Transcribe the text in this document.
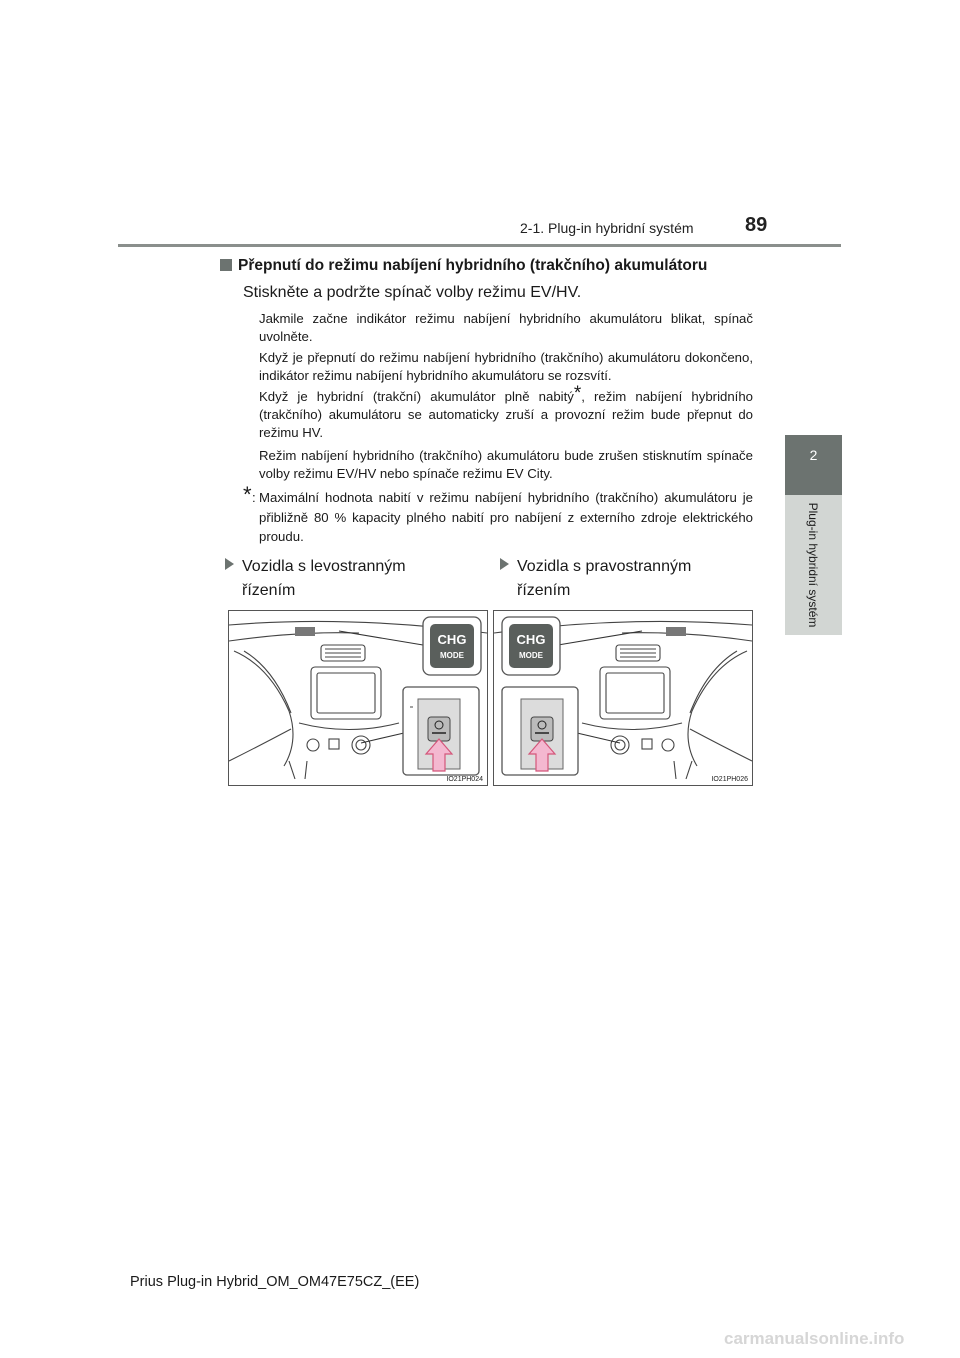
2-1. Plug-in hybridní systém	89
2
Plug-in hybridní systém
Přepnutí do režimu nabíjení hybridního (trakčního) akumulátoru
Stiskněte a podržte spínač volby režimu EV/HV.
Jakmile začne indikátor režimu nabíjení hybridního akumulátoru blikat, spínač uvolněte.
Když je přepnutí do režimu nabíjení hybridního (trakčního) akumulátoru dokončeno, indikátor režimu nabíjení hybridního akumulátoru se rozsvítí.
Když je hybridní (trakční) akumulátor plně nabitý*, režim nabíjení hybridního (trakčního) akumulátoru se automaticky zruší a provozní režim bude přepnut do režimu HV.
Režim nabíjení hybridního (trakčního) akumulátoru bude zrušen stisknutím spínače volby režimu EV/HV nebo spínače režimu EV City.
* : Maximální hodnota nabití v režimu nabíjení hybridního (trakčního) akumulátoru je přibližně 80 % kapacity plného nabití pro nabíjení z externího zdroje elektrického proudu.
Vozidla s levostranným
řízením
Vozidla s pravostranným
řízením
CHG
MODE
IO21PH024
CHG
MODE
IO21PH026
Prius Plug-in Hybrid_OM_OM47E75CZ_(EE)
carmanualsonline.info
